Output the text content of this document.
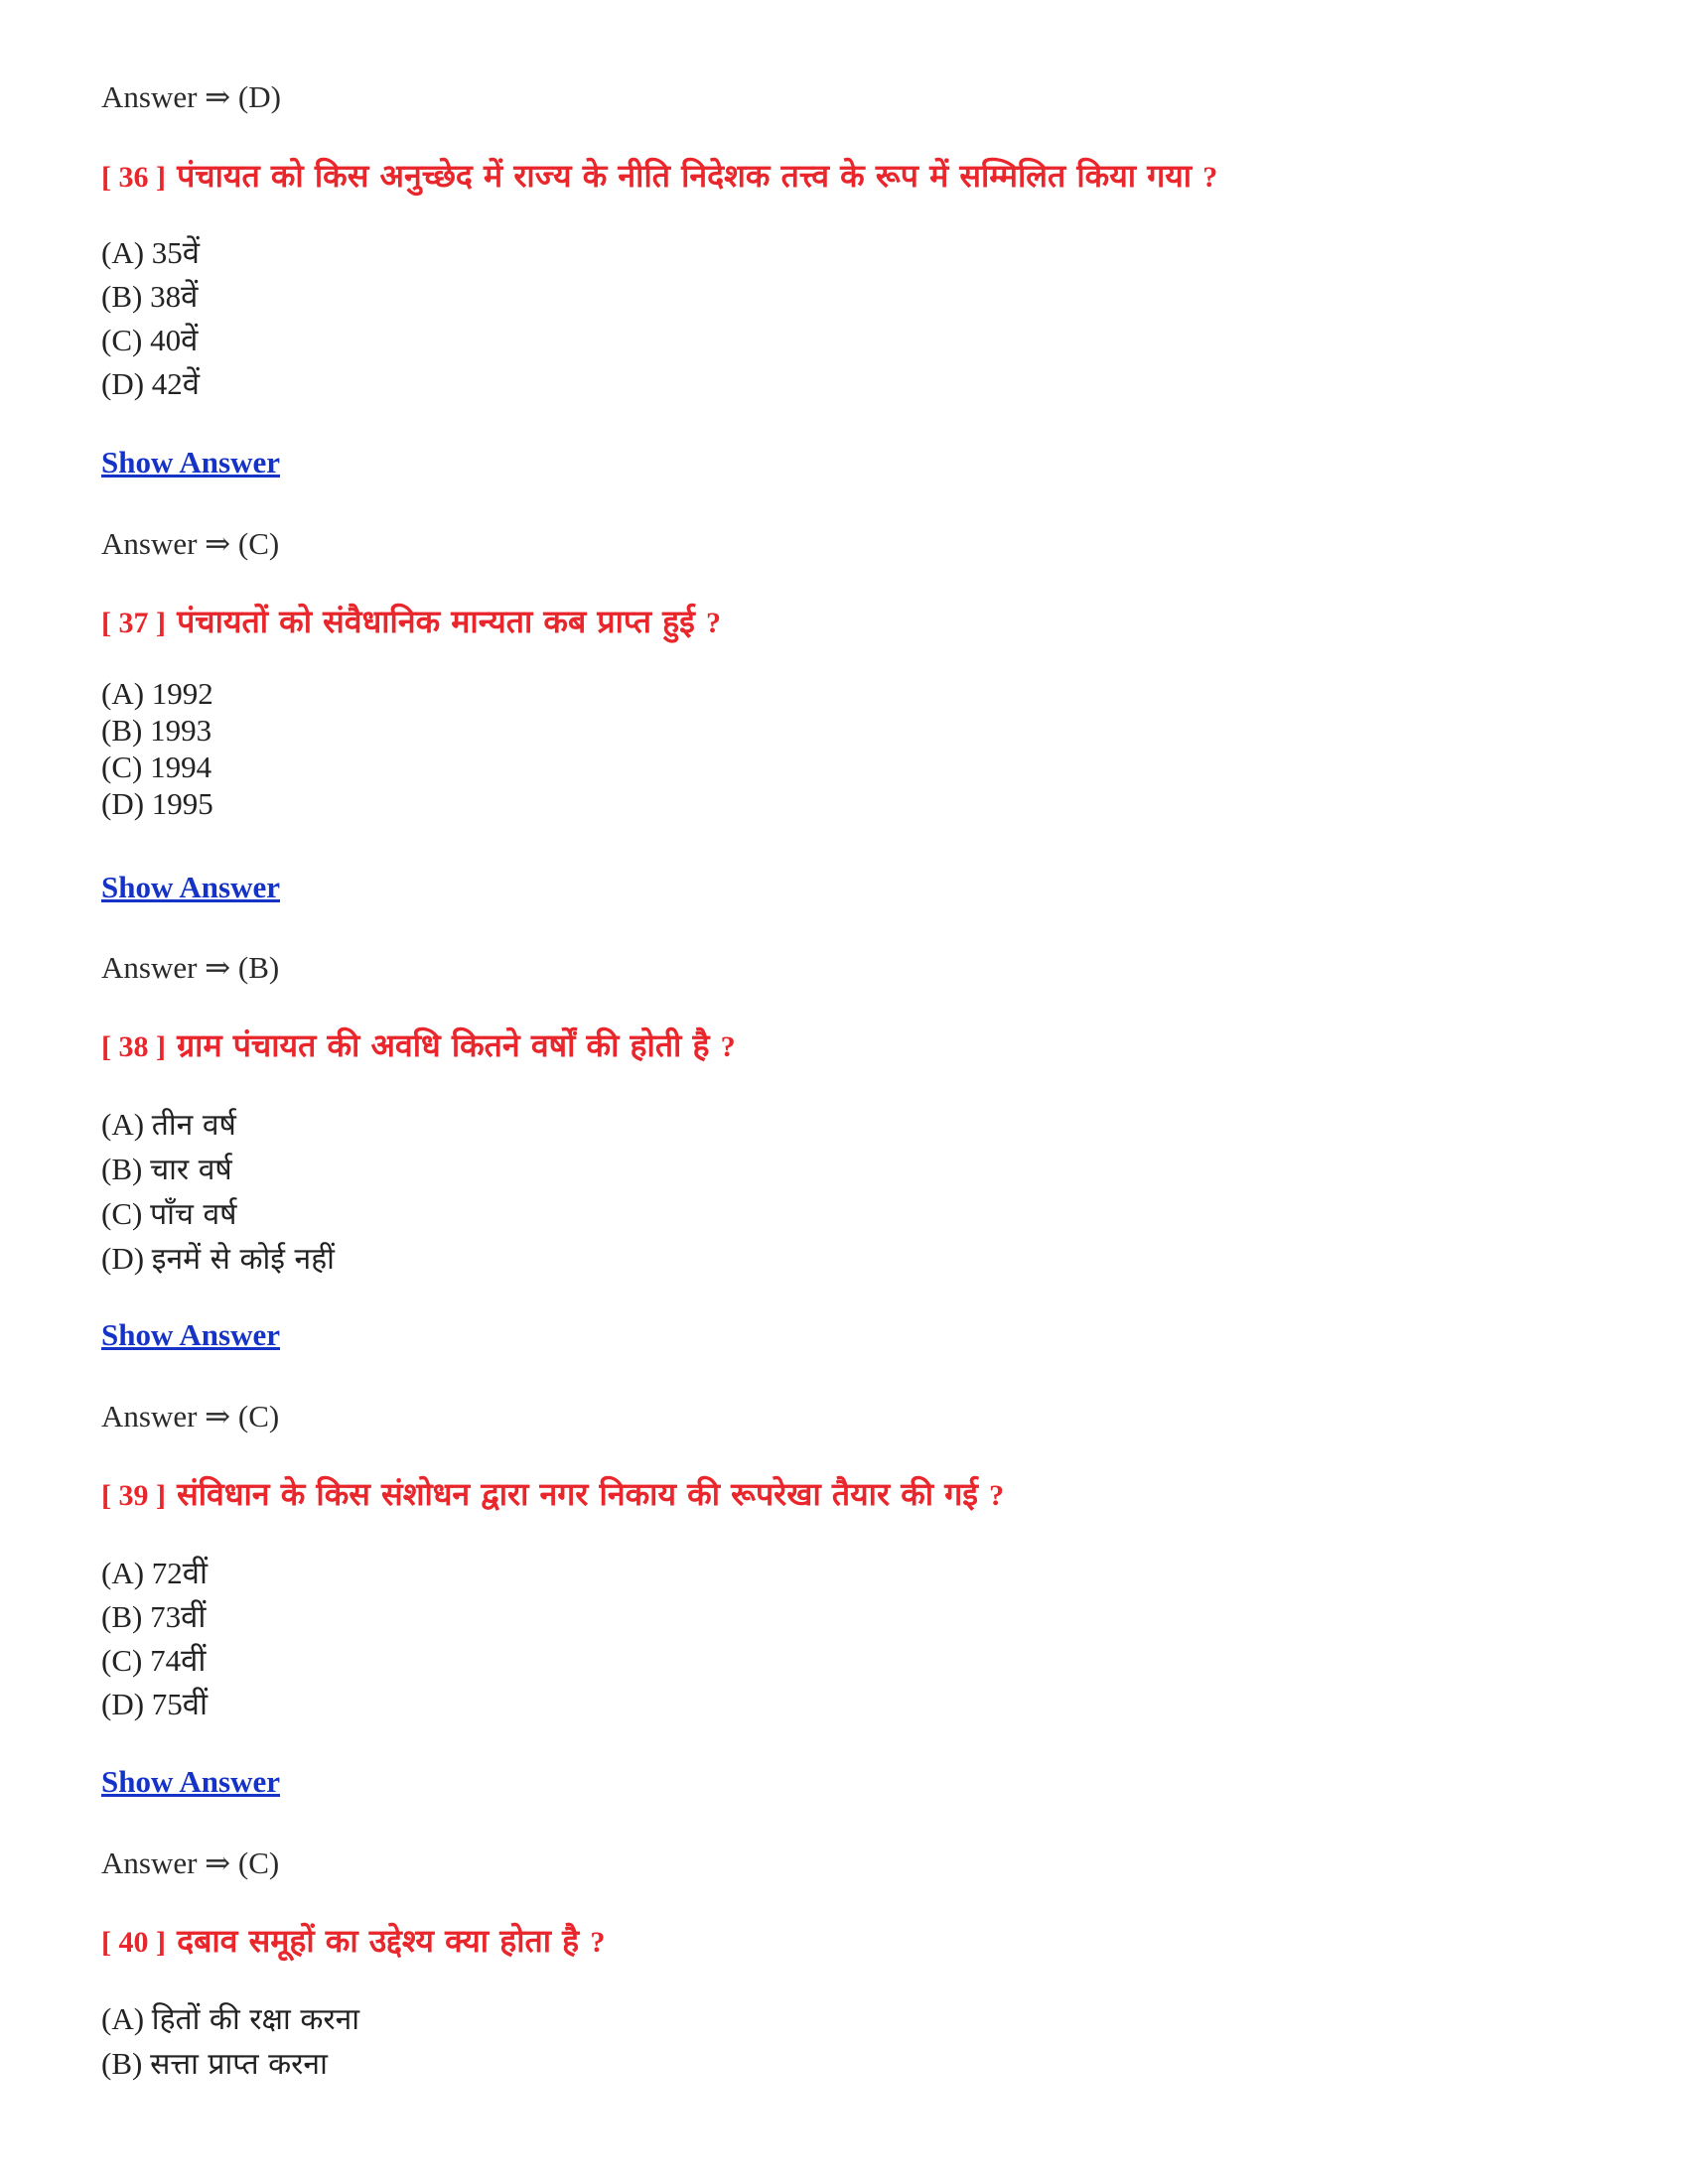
Answer ⇒ (D)
[ 36 ] पंचायत को किस अनुच्छेद में राज्य के नीति निदेशक तत्त्व के रूप में सम्मिलित किया गया ?
(A) 35वें
(B) 38वें
(C) 40वें
(D) 42वें
Show Answer
Answer ⇒ (C)
[ 37 ] पंचायतों को संवैधानिक मान्यता कब प्राप्त हुई ?
(A) 1992
(B) 1993
(C) 1994
(D) 1995
Show Answer
Answer ⇒ (B)
[ 38 ] ग्राम पंचायत की अवधि कितने वर्षों की होती है ?
(A) तीन वर्ष
(B) चार वर्ष
(C) पाँच वर्ष
(D) इनमें से कोई नहीं
Show Answer
Answer ⇒ (C)
[ 39 ] संविधान के किस संशोधन द्वारा नगर निकाय की रूपरेखा तैयार की गई ?
(A) 72वीं
(B) 73वीं
(C) 74वीं
(D) 75वीं
Show Answer
Answer ⇒ (C)
[ 40 ] दबाव समूहों का उद्देश्य क्या होता है ?
(A) हितों की रक्षा करना
(B) सत्ता प्राप्त करना
